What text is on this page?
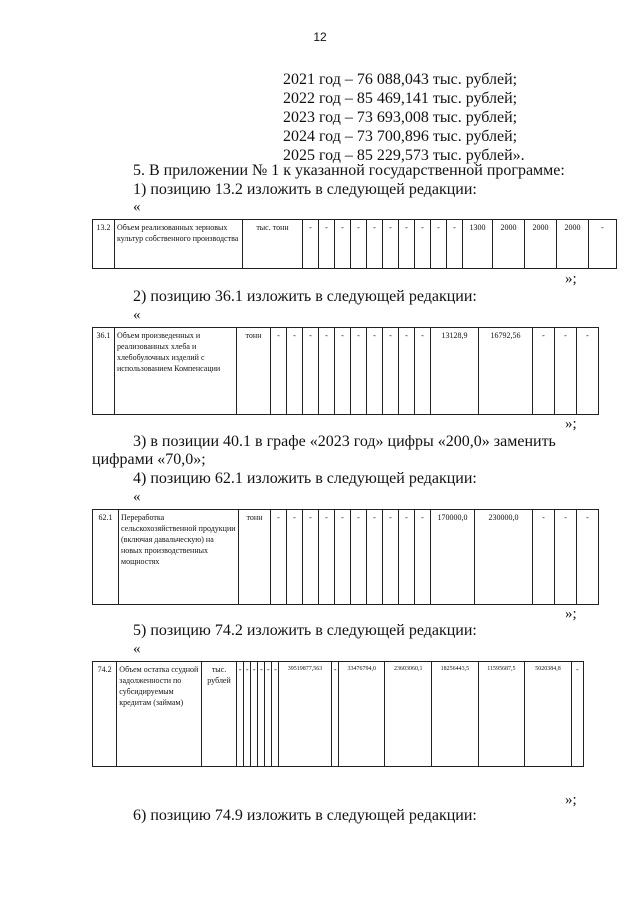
12
2021 год – 76 088,043 тыс. рублей;
2022 год – 85 469,141 тыс. рублей;
2023 год – 73 693,008 тыс. рублей;
2024 год – 73 700,896 тыс. рублей;
2025 год – 85 229,573 тыс. рублей».
5. В приложении № 1 к указанной государственной программе:
1) позицию 13.2 изложить в следующей редакции:
«
13.2	Объем реализованных зерновых культур собственного производства	тыс. тонн	-	-	-	-	-	-	-	-	-	-	1300	2000	2000	2000	-
»;
2) позицию 36.1 изложить в следующей редакции:
«
36.1	Объем произведенных и реализованных хлеба и хлебобулочных изделий с использованием Компенсации	тонн	-	-	-	-	-	-	-	-	-	-	13128,9	16792,56	-	-	-
»;
3) в позиции 40.1 в графе «2023 год» цифры «200,0» заменить
цифрами «70,0»;
4) позицию 62.1 изложить в следующей редакции:
«
62.1	Переработка сельскохозяйственной продукции (включая давальческую) на новых производственных мощностях	тонн	-	-	-	-	-	-	-	-	-	-	170000,0	230000,0	-	-	-
»;
5) позицию 74.2 изложить в следующей редакции:
«
74.2	Объем остатка ссудной задолженности по субсидируемым кредитам (займам)	тыс. рублей	-	-	-	-	-	-	39519877,563	-	33476794,0	23603060,1	18256443,5	11595687,5	5020384,8	-
»;
6) позицию 74.9 изложить в следующей редакции:
